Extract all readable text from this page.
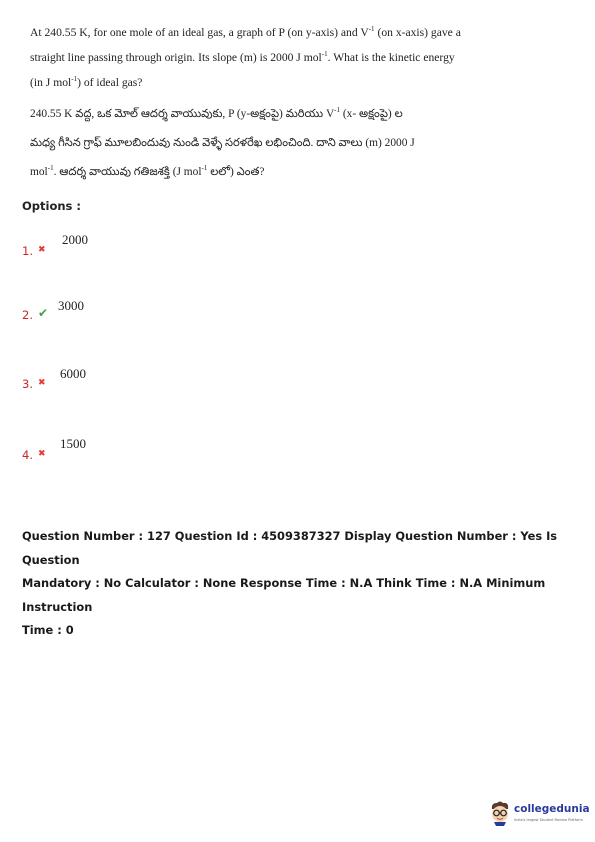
At 240.55 K, for one mole of an ideal gas, a graph of P (on y-axis) and $V^{-1}$ (on x-axis) gave a

straight line passing through origin. Its slope (m) is 2000 J mol$^{-1}$. What is the kinetic energy

(in J mol$^{-1}$) of ideal gas?

240.55 K వద్ద, ఒక మోల్ ఆదర్శ వాయువుకు, P (y-అక్షంపై) మరియు $V^{-1}$ (x- అక్షంపై) ల

మధ్య గీసిన గ్రాఫ్ మూలబిందువు నుండి వెళ్ళే సరళరేఖ లభించింది. దాని వాలు (m) 2000 J

mol$^{-1}$. ఆదర్శ వాయువు గతిజశక్తి (J mol$^{-1}$ లలో) ఎంత?

Options :
1. ✖
2000
2. ✔ 3000
3. ✖
6000
4. ✖
1500
Question Number : 127 Question Id : 4509387327 Display Question Number : Yes Is Question
Mandatory : No Calculator : None Response Time : N.A Think Time : N.A Minimum Instruction
Time : 0
collegedunia
India's largest Student Review Platform
